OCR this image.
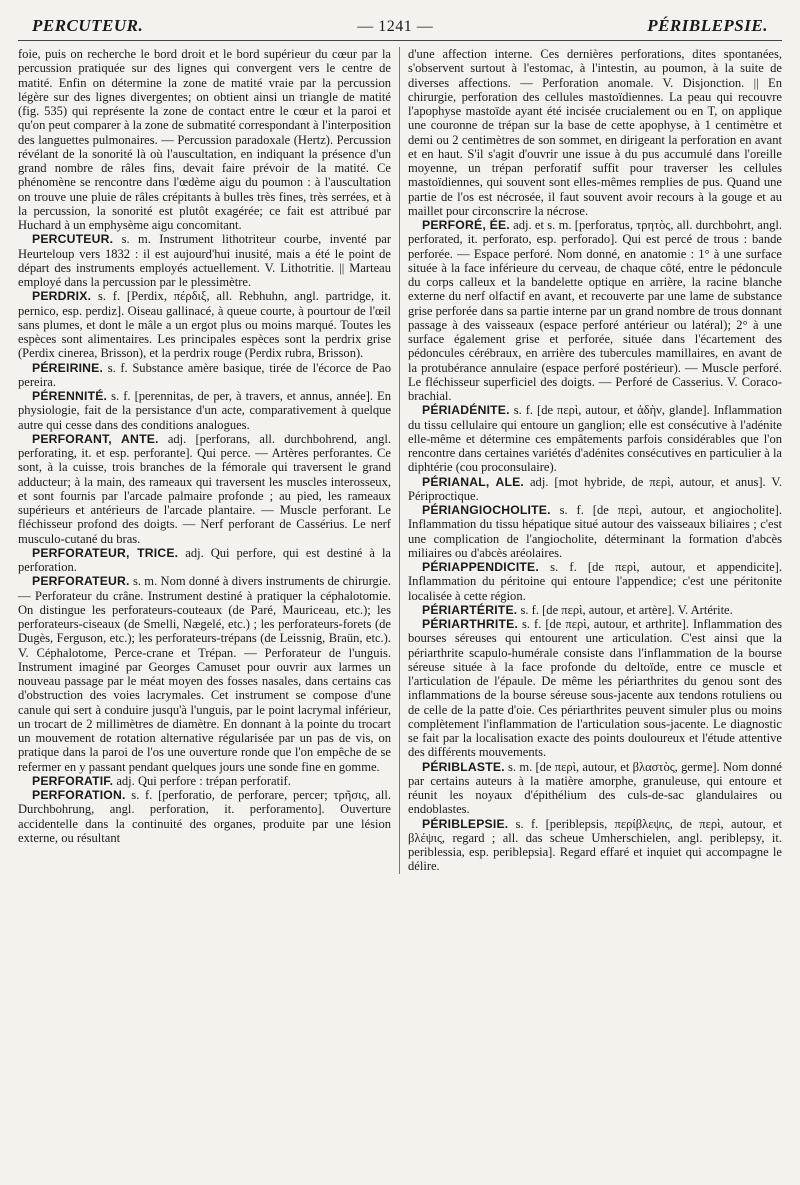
PERCUTEUR.	— 1241 —	PÉRIBLEPSIE.
foie, puis on recherche le bord droit et le bord supérieur du cœur par la percussion pratiquée sur des lignes qui convergent vers le centre de matité. Enfin on détermine la zone de matité vraie par la percussion légère sur des lignes divergentes; on obtient ainsi un triangle de matité (fig. 535) qui représente la zone de contact entre le cœur et la paroi et qu'on peut comparer à la zone de submatité correspondant à l'interposition des languettes pulmonaires. — Percussion paradoxale (Hertz). Percussion révélant de la sonorité là où l'auscultation, en indiquant la présence d'un grand nombre de râles fins, devait faire prévoir de la matité. Ce phénomène se rencontre dans l'œdème aigu du poumon : à l'auscultation on trouve une pluie de râles crépitants à bulles très fines, très serrées, et à la percussion, la sonorité est plutôt exagérée; ce fait est attribué par Huchard à un emphysème aigu concomitant.
PERCUTEUR. s. m. Instrument lithotriteur courbe, inventé par Heurteloup vers 1832 : il est aujourd'hui inusité, mais a été le point de départ des instruments employés actuellement. V. Lithotritie. || Marteau employé dans la percussion par le plessimètre.
PERDRIX. s. f. [Perdix, πέρδιξ, all. Rebhuhn, angl. partridge, it. pernico, esp. perdiz]. Oiseau gallinacé, à queue courte, à pourtour de l'œil sans plumes, et dont le mâle a un ergot plus ou moins marqué. Toutes les espèces sont alimentaires. Les principales espèces sont la perdrix grise (Perdix cinerea, Brisson), et la perdrix rouge (Perdix rubra, Brisson).
PÉREIRINE. s. f. Substance amère basique, tirée de l'écorce de Pao pereira.
PÉRENNITÉ. s. f. [perennitas, de per, à travers, et annus, année]. En physiologie, fait de la persistance d'un acte, comparativement à quelque autre qui cesse dans des conditions analogues.
PERFORANT, ANTE. adj. [perforans, all. durchbohrend, angl. perforating, it. et esp. perforante]. Qui perce. — Artères perforantes. Ce sont, à la cuisse, trois branches de la fémorale qui traversent le grand adducteur; à la main, des rameaux qui traversent les muscles interosseux, et sont fournis par l'arcade palmaire profonde ; au pied, les rameaux supérieurs et antérieurs de l'arcade plantaire. — Muscle perforant. Le fléchisseur profond des doigts. — Nerf perforant de Cassérius. Le nerf musculo-cutané du bras.
PERFORATEUR, TRICE. adj. Qui perfore, qui est destiné à la perforation.
PERFORATEUR. s. m. Nom donné à divers instruments de chirurgie. — Perforateur du crâne. Instrument destiné à pratiquer la céphalotomie. On distingue les perforateurs-couteaux (de Paré, Mauriceau, etc.); les perforateurs-ciseaux (de Smelli, Nægelé, etc.) ; les perforateurs-forets (de Dugès, Ferguson, etc.); les perforateurs-trépans (de Leissnig, Braün, etc.). V. Céphalotome, Perce-crane et Trépan. — Perforateur de l'unguis. Instrument imaginé par Georges Camuset pour ouvrir aux larmes un nouveau passage par le méat moyen des fosses nasales, dans certains cas d'obstruction des voies lacrymales. Cet instrument se compose d'une canule qui sert à conduire jusqu'à l'unguis, par le point lacrymal inférieur, un trocart de 2 millimètres de diamètre. En donnant à la pointe du trocart un mouvement de rotation alternative régularisée par un pas de vis, on pratique dans la paroi de l'os une ouverture ronde que l'on empêche de se refermer en y passant pendant quelques jours une sonde fine en gomme.
PERFORATIF. adj. Qui perfore : trépan perforatif.
PERFORATION. s. f. [perforatio, de perforare, percer; τρῆσις, all. Durchbohrung, angl. perforation, it. perforamento]. Ouverture accidentelle dans la continuité des organes, produite par une lésion externe, ou résultant
d'une affection interne. Ces dernières perforations, dites spontanées, s'observent surtout à l'estomac, à l'intestin, au poumon, à la suite de diverses affections. — Perforation anomale. V. Disjonction. || En chirurgie, perforation des cellules mastoïdiennes. La peau qui recouvre l'apophyse mastoïde ayant été incisée crucialement ou en T, on applique une couronne de trépan sur la base de cette apophyse, à 1 centimètre et demi ou 2 centimètres de son sommet, en dirigeant la perforation en avant et en haut. S'il s'agit d'ouvrir une issue à du pus accumulé dans l'oreille moyenne, un trépan perforatif suffit pour traverser les cellules mastoïdiennes, qui souvent sont elles-mêmes remplies de pus. Quand une partie de l'os est nécrosée, il faut souvent avoir recours à la gouge et au maillet pour circonscrire la nécrose.
PERFORÉ, ÉE. adj. et s. m. [perforatus, τρητὸς, all. durchbohrt, angl. perforated, it. perforato, esp. perforado]. Qui est percé de trous : bande perforée. — Espace perforé. Nom donné, en anatomie : 1° à une surface située à la face inférieure du cerveau, de chaque côté, entre le pédoncule du corps calleux et la bandelette optique en arrière, la racine blanche externe du nerf olfactif en avant, et recouverte par une lame de substance grise perforée dans sa partie interne par un grand nombre de trous donnant passage à des vaisseaux (espace perforé antérieur ou latéral); 2° à une surface également grise et perforée, située dans l'écartement des pédoncules cérébraux, en arrière des tubercules mamillaires, en avant de la protubérance annulaire (espace perforé postérieur). — Muscle perforé. Le fléchisseur superficiel des doigts. — Perforé de Casserius. V. Coraco-brachial.
PÉRIADÉNITE. s. f. [de περὶ, autour, et ἀδὴν, glande]. Inflammation du tissu cellulaire qui entoure un ganglion; elle est consécutive à l'adénite elle-même et détermine ces empâtements parfois considérables que l'on rencontre dans certaines variétés d'adénites consécutives en particulier à la diphtérie (cou proconsulaire).
PÉRIANAL, ALE. adj. [mot hybride, de περὶ, autour, et anus]. V. Périproctique.
PÉRIANGIOCHOLITE. s. f. [de περὶ, autour, et angiocholite]. Inflammation du tissu hépatique situé autour des vaisseaux biliaires ; c'est une complication de l'angiocholite, déterminant la formation d'abcès miliaires ou d'abcès aréolaires.
PÉRIAPPENDICITE. s. f. [de περὶ, autour, et appendicite]. Inflammation du péritoine qui entoure l'appendice; c'est une péritonite localisée à cette région.
PÉRIARTÉRITE. s. f. [de περὶ, autour, et artère]. V. Artérite.
PÉRIARTHRITE. s. f. [de περὶ, autour, et arthrite]. Inflammation des bourses séreuses qui entourent une articulation. C'est ainsi que la périarthrite scapulo-humérale consiste dans l'inflammation de la bourse séreuse située à la face profonde du deltoïde, entre ce muscle et l'articulation de l'épaule. De même les périarthrites du genou sont des inflammations de la bourse séreuse sous-jacente aux tendons rotuliens ou de celle de la patte d'oie. Ces périarthrites peuvent simuler plus ou moins complètement l'inflammation de l'articulation sous-jacente. Le diagnostic se fait par la localisation exacte des points douloureux et l'étude attentive des différents mouvements.
PÉRIBLASTE. s. m. [de περὶ, autour, et βλαστὸς, germe]. Nom donné par certains auteurs à la matière amorphe, granuleuse, qui entoure et réunit les noyaux d'épithélium des culs-de-sac glandulaires ou endoblastes.
PÉRIBLEPSIE. s. f. [periblepsis, περίβλεψις, de περὶ, autour, et βλέψις, regard ; all. das scheue Umherschielen, angl. periblepsy, it. periblessia, esp. periblepsia]. Regard effaré et inquiet qui accompagne le délire.
